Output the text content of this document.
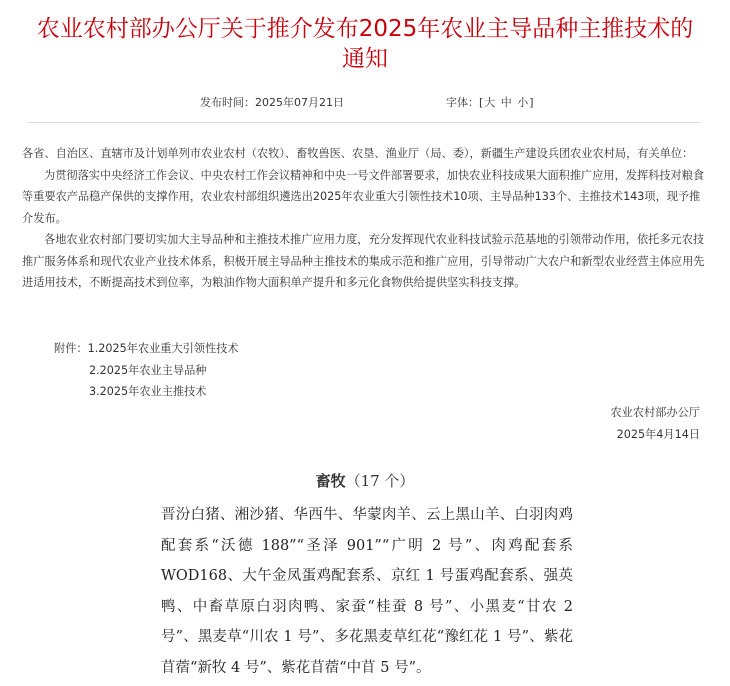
农业农村部办公厅关于推介发布2025年农业主导品种主推技术的
通知
发布时间：2025年07月21日	字体：[大 中 小]

各省、自治区、直辖市及计划单列市农业农村（农牧）、畜牧兽医、农垦、渔业厅（局、委），新疆生产建设兵团农业农村局，有关单位：

为贯彻落实中央经济工作会议、中央农村工作会议精神和中央一号文件部署要求，加快农业科技成果大面积推广应用，发挥科技对粮食等重要农产品稳产保供的支撑作用，农业农村部组织遴选出2025年农业重大引领性技术10项、主导品种133个、主推技术143项，现予推介发布。

各地农业农村部门要切实加大主导品种和主推技术推广应用力度，充分发挥现代农业科技试验示范基地的引领带动作用，依托多元农技推广服务体系和现代农业产业技术体系，积极开展主导品种主推技术的集成示范和推广应用，引导带动广大农户和新型农业经营主体应用先进适用技术，不断提高技术到位率，为粮油作物大面积单产提升和多元化食物供给提供坚实科技支撑。

附件：1.2025年农业重大引领性技术
2.2025年农业主导品种
3.2025年农业主推技术
农业农村部办公厅
2025年4月14日
畜牧（17 个）
晋汾白猪、湘沙猪、华西牛、华蒙肉羊、云上黑山羊、白羽肉鸡配套系“沃德 188”“圣泽 901”“广明 2 号”、肉鸡配套系 WOD168、大午金凤蛋鸡配套系、京红 1 号蛋鸡配套系、强英鸭、中畜草原白羽肉鸭、家蚕“桂蚕 8 号”、小黑麦“甘农 2 号”、黑麦草“川农 1 号”、多花黑麦草红花“豫红花 1 号”、紫花苜蓿“新牧 4 号”、紫花苜蓿“中苜 5 号”。
